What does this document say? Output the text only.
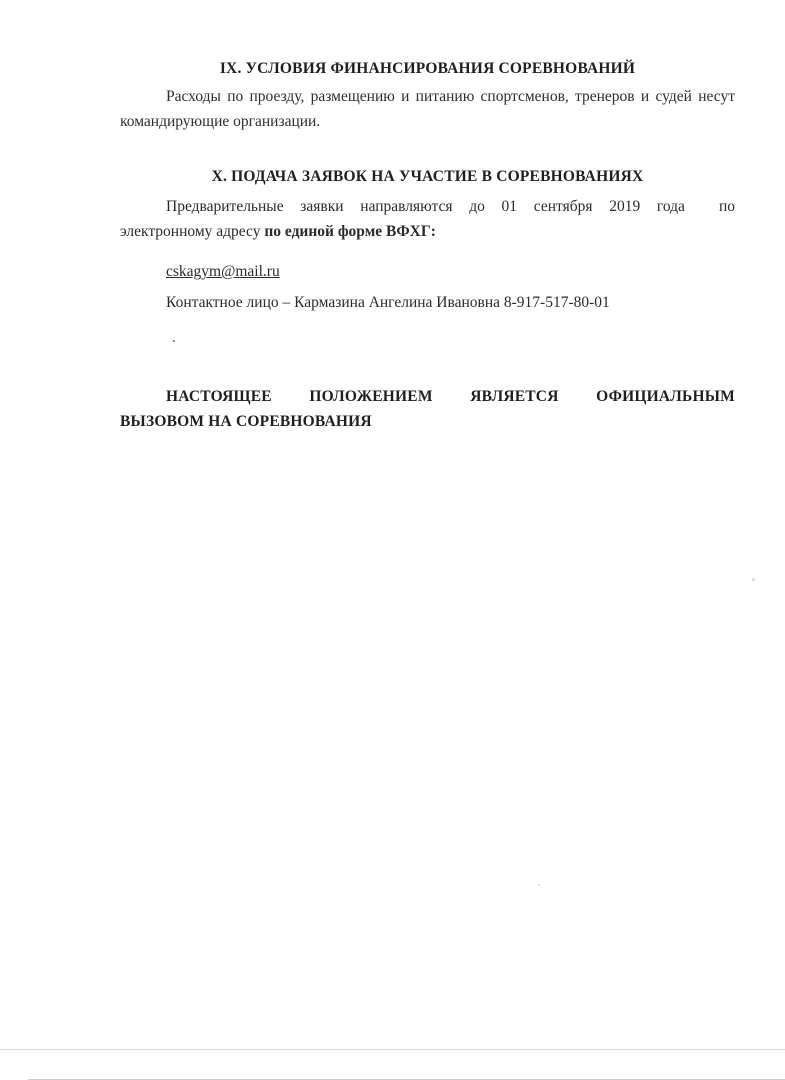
IX. УСЛОВИЯ ФИНАНСИРОВАНИЯ СОРЕВНОВАНИЙ

Расходы по проезду, размещению и питанию спортсменов, тренеров и судей несут командирующие организации.

X. ПОДАЧА ЗАЯВОК НА УЧАСТИЕ В СОРЕВНОВАНИЯХ

Предварительные заявки направляются до 01 сентября 2019 года по электронному адресу по единой форме ВФХГ:

cskagym@mail.ru
Контактное лицо – Кармазина Ангелина Ивановна 8-917-517-80-01
.
НАСТОЯЩЕЕ ПОЛОЖЕНИЕМ ЯВЛЯЕТСЯ ОФИЦИАЛЬНЫМ ВЫЗОВОМ НА СОРЕВНОВАНИЯ
